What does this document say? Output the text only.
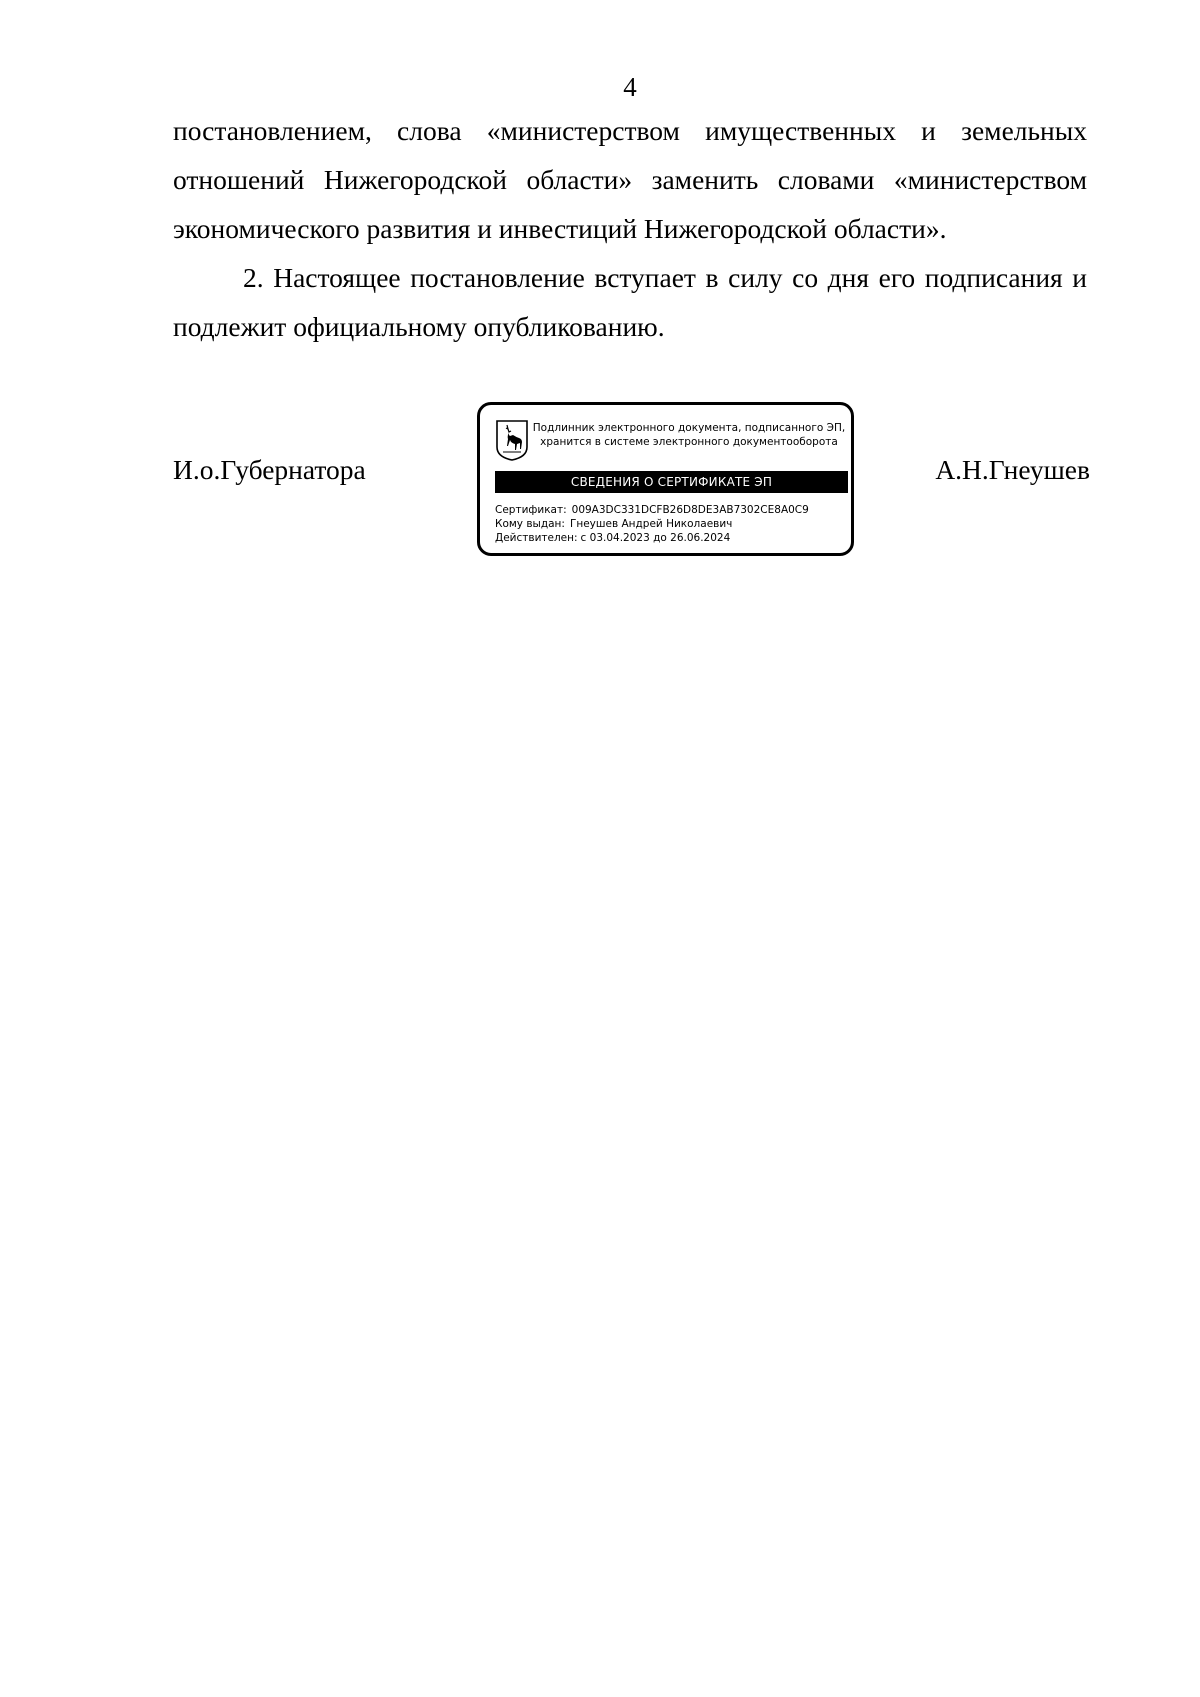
4

постановлением, слова «министерством имущественных и земельных отношений Нижегородской области» заменить словами «министерством экономического развития и инвестиций Нижегородской области».

2. Настоящее постановление вступает в силу со дня его подписания и подлежит официальному опубликованию.

И.о.Губернатора	А.Н.Гнеушев
Подлинник электронного документа, подписанного ЭП,
хранится в системе электронного документооборота
СВЕДЕНИЯ О СЕРТИФИКАТЕ ЭП
Сертификат: 009A3DC331DCFB26D8DE3AB7302CE8A0C9
Кому выдан: Гнеушев Андрей Николаевич
Действителен: с 03.04.2023 до 26.06.2024
